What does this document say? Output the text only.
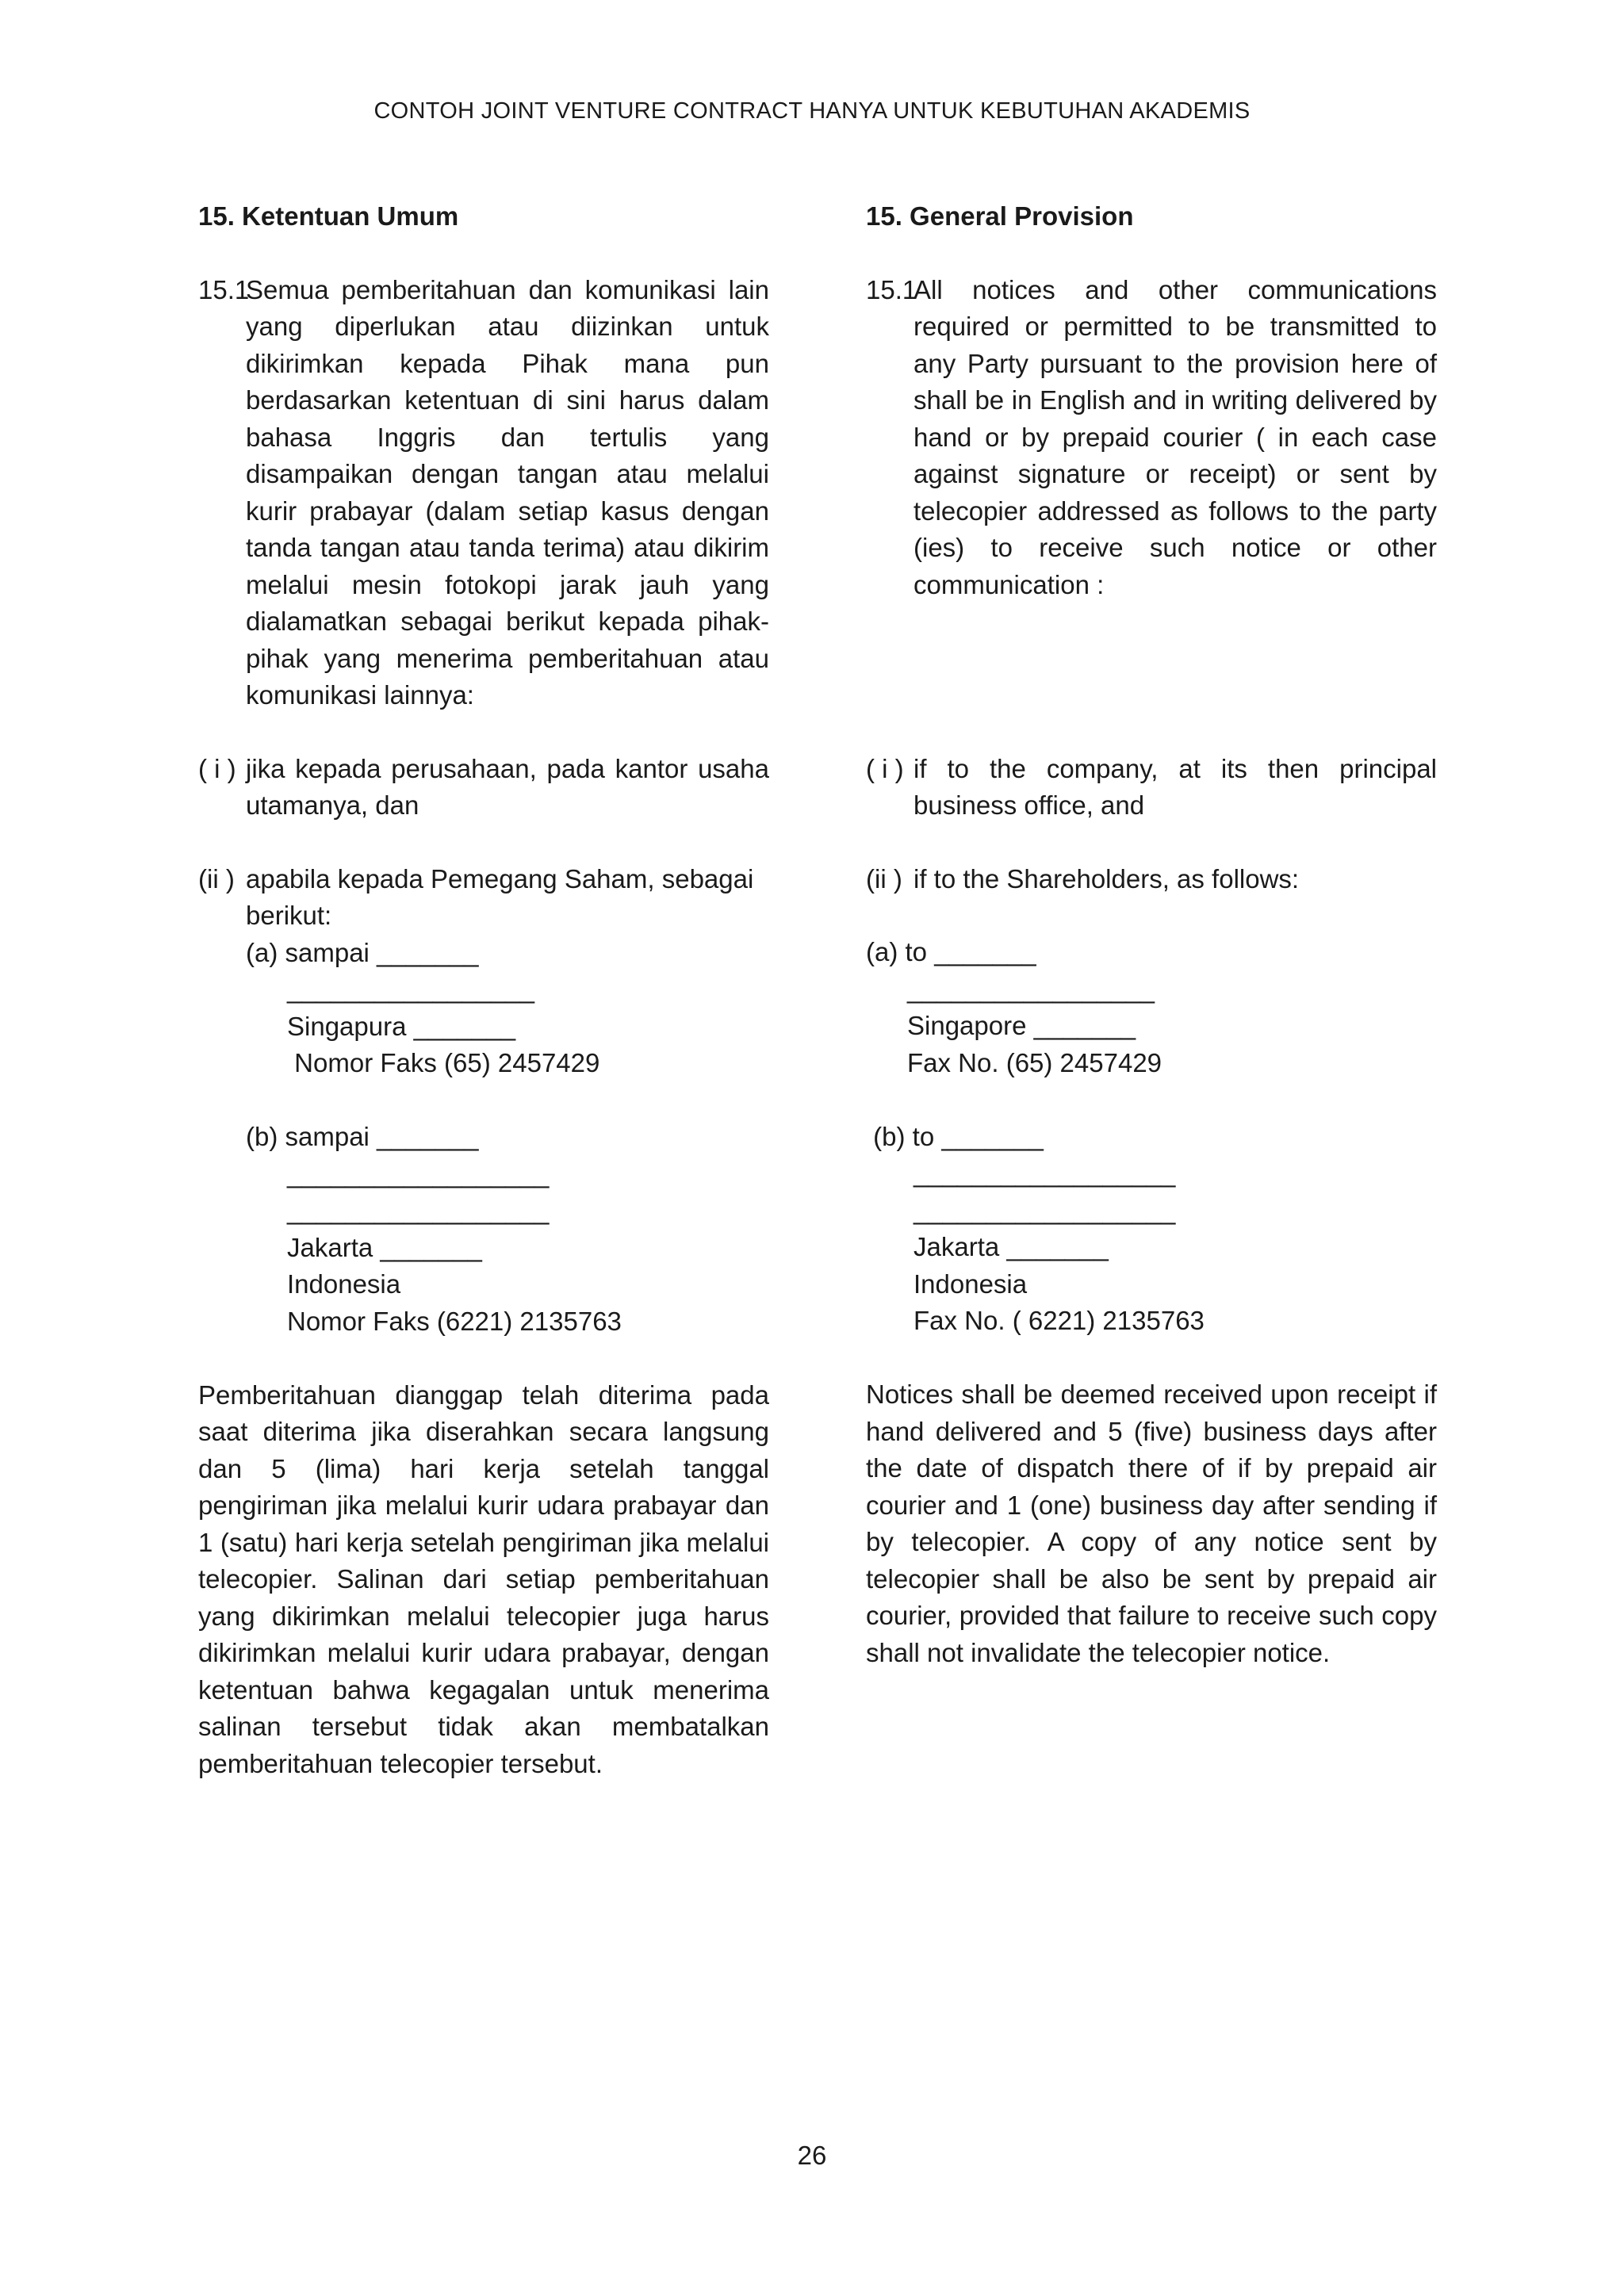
CONTOH JOINT VENTURE CONTRACT HANYA UNTUK KEBUTUHAN AKADEMIS
15. Ketentuan Umum
15.1
Semua pemberitahuan dan komunikasi lain yang diperlukan atau diizinkan untuk dikirimkan kepada Pihak mana pun berdasarkan ketentuan di sini harus dalam bahasa Inggris dan tertulis yang disampaikan dengan tangan atau melalui kurir prabayar (dalam setiap kasus dengan tanda tangan atau tanda terima) atau dikirim melalui mesin fotokopi jarak jauh yang dialamatkan sebagai berikut kepada pihak-pihak yang menerima pemberitahuan atau komunikasi lainnya:
( i ) jika kepada perusahaan, pada kantor usaha utamanya, dan
(ii ) apabila kepada Pemegang Saham, sebagai berikut:
(a) sampai _______
_________________
Singapura _______
Nomor Faks (65) 2457429
(b) sampai _______
__________________
__________________
Jakarta _______
Indonesia
Nomor Faks (6221) 2135763
Pemberitahuan dianggap telah diterima pada saat diterima jika diserahkan secara langsung dan 5 (lima) hari kerja setelah tanggal pengiriman jika melalui kurir udara prabayar dan 1 (satu) hari kerja setelah pengiriman jika melalui telecopier. Salinan dari setiap pemberitahuan yang dikirimkan melalui telecopier juga harus dikirimkan melalui kurir udara prabayar, dengan ketentuan bahwa kegagalan untuk menerima salinan tersebut tidak akan membatalkan pemberitahuan telecopier tersebut.
15. General Provision
15.1
All notices and other communications required or permitted to be transmitted to any Party pursuant to the provision here of shall be in English and in writing delivered by hand or by prepaid courier ( in each case against signature or receipt) or sent by telecopier addressed as follows to the party (ies) to receive such notice or other communication :
( i ) if to the company, at its then principal business office, and
(ii ) if to the Shareholders, as follows:
(a) to _______
_________________
Singapore _______
Fax No. (65) 2457429
(b) to _______
__________________
__________________
Jakarta _______
Indonesia
Fax No. ( 6221) 2135763
Notices shall be deemed received upon receipt if hand delivered and 5 (five) business days after the date of dispatch there of if by prepaid air courier and 1 (one) business day after sending if by telecopier. A copy of any notice sent by telecopier shall be also be sent by prepaid air courier, provided that failure to receive such copy shall not invalidate the telecopier notice.
26
